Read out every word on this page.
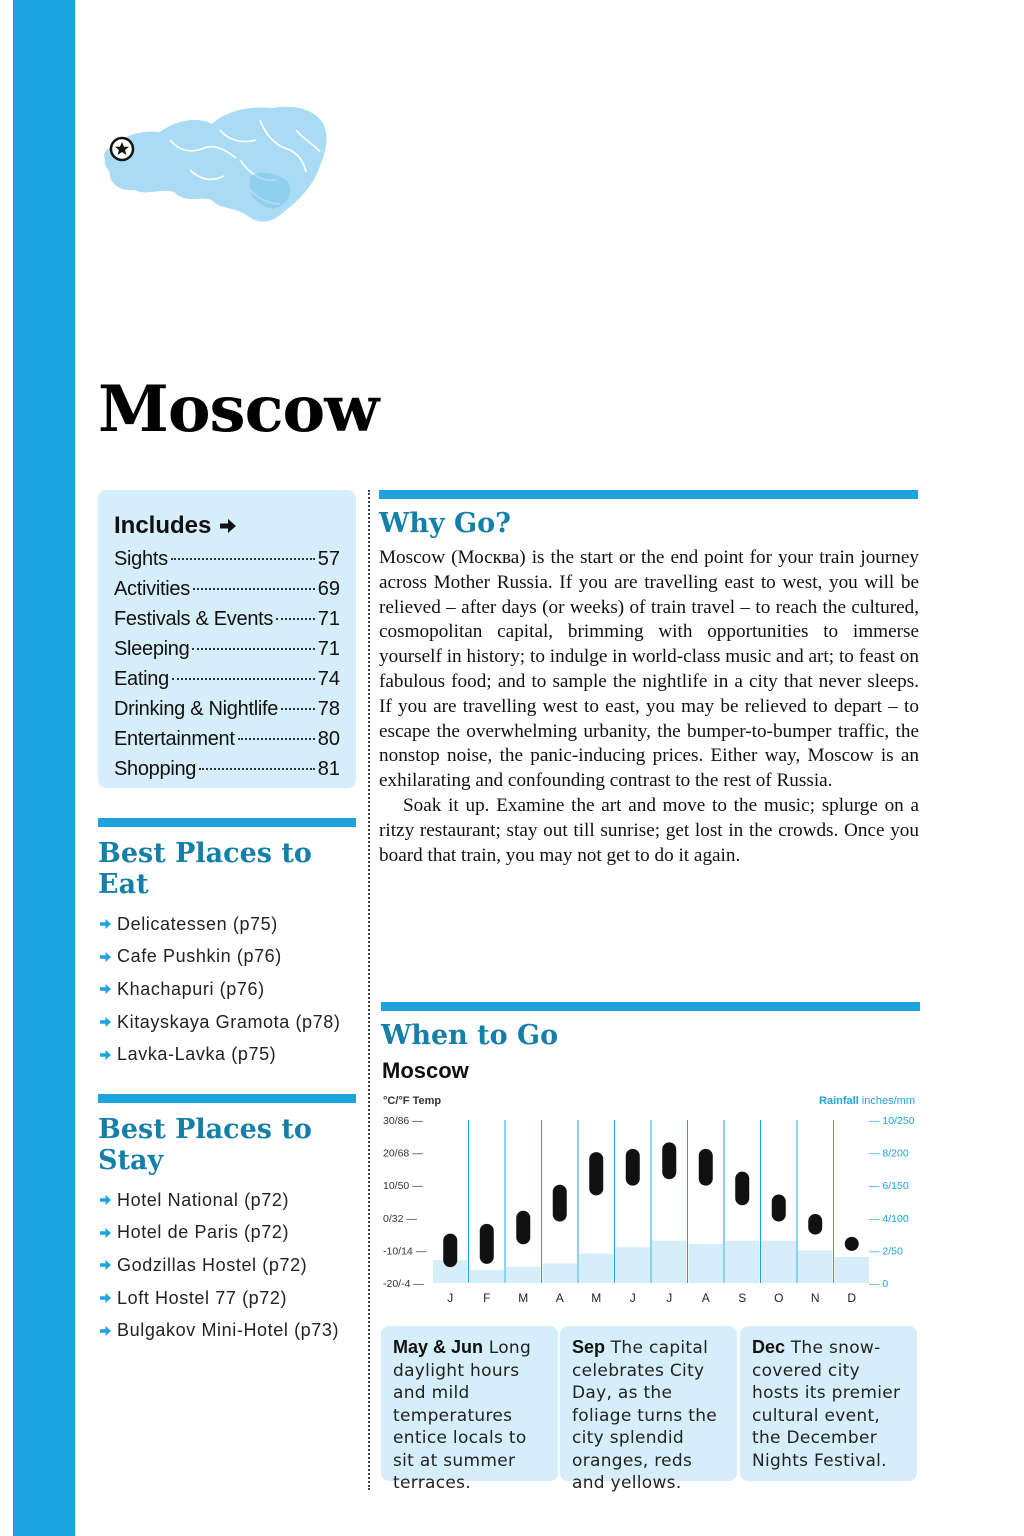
Moscow
Includes
Sights	57
Activities	69
Festivals & Events 71
Sleeping	71
Eating	74
Drinking & Nightlife 78
Entertainment	80
Shopping	81
Best Places to Eat
Delicatessen (p75)
Cafe Pushkin (p76)
Khachapuri (p76)
Kitayskaya Gramota (p78)
Lavka-Lavka (p75)
Best Places to Stay
Hotel National (p72)
Hotel de Paris (p72)
Godzillas Hostel (p72)
Loft Hostel 77 (p72)
Bulgakov Mini-Hotel (p73)
Why Go?

Moscow (Москва) is the start or the end point for your train journey across Mother Russia. If you are travelling east to west, you will be relieved – after days (or weeks) of train travel – to reach the cultured, cosmopolitan capital, brimming with opportunities to immerse yourself in history; to indulge in world-class music and art; to feast on fabulous food; and to sample the nightlife in a city that never sleeps. If you are travelling west to east, you may be relieved to depart – to escape the overwhelming urbanity, the bumper-to-bumper traffic, the nonstop noise, the panic-inducing prices. Either way, Moscow is an exhilarating and confounding contrast to the rest of Russia.

Soak it up. Examine the art and move to the music; splurge on a ritzy restaurant; stay out till sunrise; get lost in the crowds. Once you board that train, you may not get to do it again.

When to Go
Moscow
°C/°F Temp	Rainfall inches/mm
30/86 —
20/68 —
10/50 —
0/32 —
-10/14 —
-20/-4 —
— 10/250
— 8/200
— 6/150
— 4/100
— 2/50
— 0
J F M A M J	J A S O N D
May & Jun Long daylight hours and mild temperatures entice locals to sit at summer terraces.
Sep The capital celebrates City Day, as the foliage turns the city splendid oranges, reds and yellows.
Dec The snow-covered city hosts its premier cultural event, the December Nights Festival.
